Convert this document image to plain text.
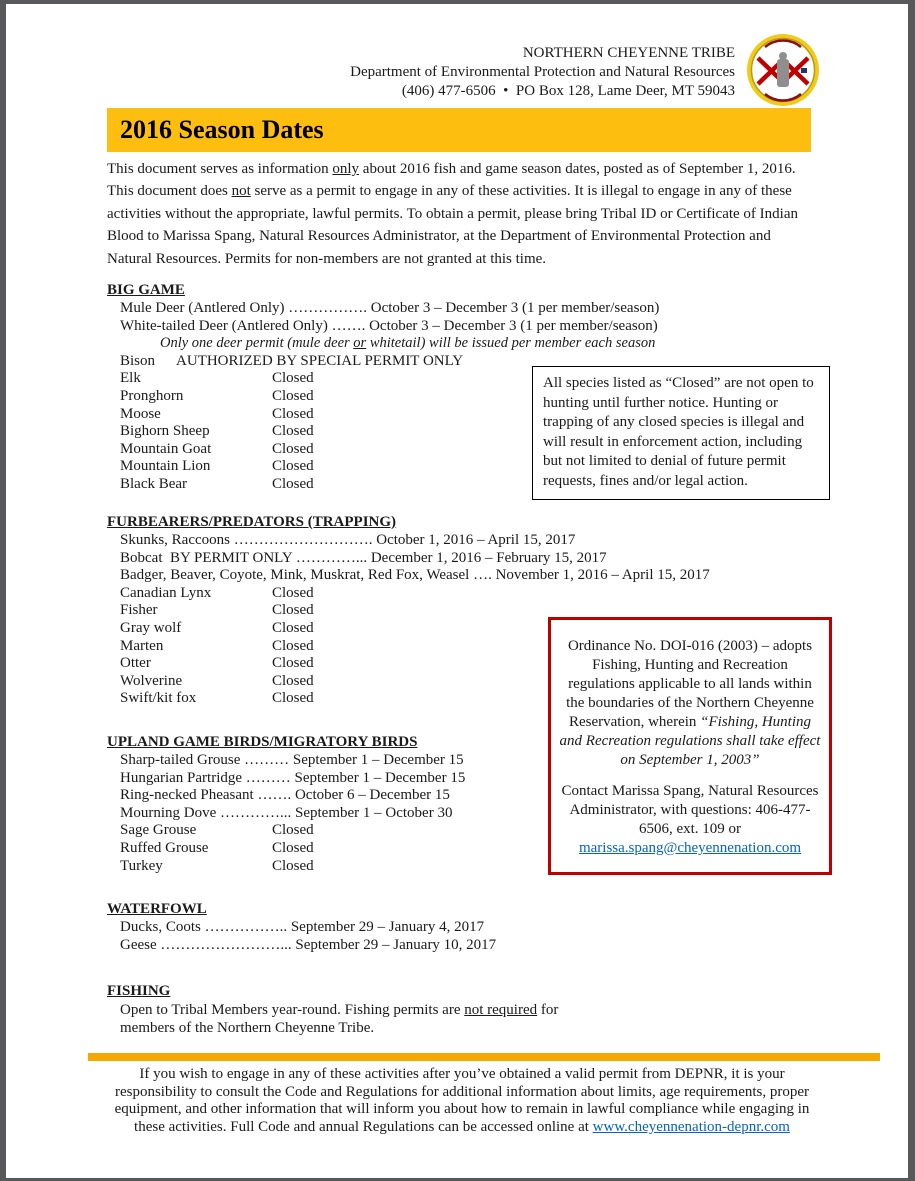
NORTHERN CHEYENNE TRIBE
Department of Environmental Protection and Natural Resources
(406) 477-6506  •  PO Box 128, Lame Deer, MT 59043
2016 Season Dates

This document serves as information only about 2016 fish and game season dates, posted as of September 1, 2016. This document does not serve as a permit to engage in any of these activities. It is illegal to engage in any of these activities without the appropriate, lawful permits. To obtain a permit, please bring Tribal ID or Certificate of Indian Blood to Marissa Spang, Natural Resources Administrator, at the Department of Environmental Protection and Natural Resources. Permits for non-members are not granted at this time.

BIG GAME
Mule Deer (Antlered Only) ……………. October 3 – December 3 (1 per member/season)
White-tailed Deer (Antlered Only) ……. October 3 – December 3 (1 per member/season)
Only one deer permit (mule deer or whitetail) will be issued per member each season
Bison	AUTHORIZED BY SPECIAL PERMIT ONLY
Elk	Closed
Pronghorn	Closed
Moose	Closed
Bighorn Sheep	Closed
Mountain Goat	Closed
Mountain Lion	Closed
Black Bear	Closed
All species listed as “Closed” are not open to hunting until further notice. Hunting or trapping of any closed species is illegal and will result in enforcement action, including but not limited to denial of future permit requests, fines and/or legal action.
FURBEARERS/PREDATORS (TRAPPING)
Skunks, Raccoons ………………………. October 1, 2016 – April 15, 2017
Bobcat  BY PERMIT ONLY …………... December 1, 2016 – February 15, 2017
Badger, Beaver, Coyote, Mink, Muskrat, Red Fox, Weasel …. November 1, 2016 – April 15, 2017
Canadian Lynx	Closed
Fisher	Closed
Gray wolf	Closed
Marten	Closed
Otter	Closed
Wolverine	Closed
Swift/kit fox	Closed
Ordinance No. DOI-016 (2003) – adopts Fishing, Hunting and Recreation regulations applicable to all lands within the boundaries of the Northern Cheyenne Reservation, wherein “Fishing, Hunting and Recreation regulations shall take effect on September 1, 2003”
Contact Marissa Spang, Natural Resources Administrator, with questions: 406-477-6506, ext. 109 or
marissa.spang@cheyennenation.com
UPLAND GAME BIRDS/MIGRATORY BIRDS
Sharp-tailed Grouse ……… September 1 – December 15
Hungarian Partridge ……… September 1 – December 15
Ring-necked Pheasant ……. October 6 – December 15
Mourning Dove …………... September 1 – October 30
Sage Grouse	Closed
Ruffed Grouse	Closed
Turkey	Closed
WATERFOWL
Ducks, Coots …………….. September 29 – January 4, 2017
Geese ……………………... September 29 – January 10, 2017
FISHING
Open to Tribal Members year-round. Fishing permits are not required for members of the Northern Cheyenne Tribe.
If you wish to engage in any of these activities after you’ve obtained a valid permit from DEPNR, it is your responsibility to consult the Code and Regulations for additional information about limits, age requirements, proper equipment, and other information that will inform you about how to remain in lawful compliance while engaging in these activities. Full Code and annual Regulations can be accessed online at www.cheyennenation-depnr.com
